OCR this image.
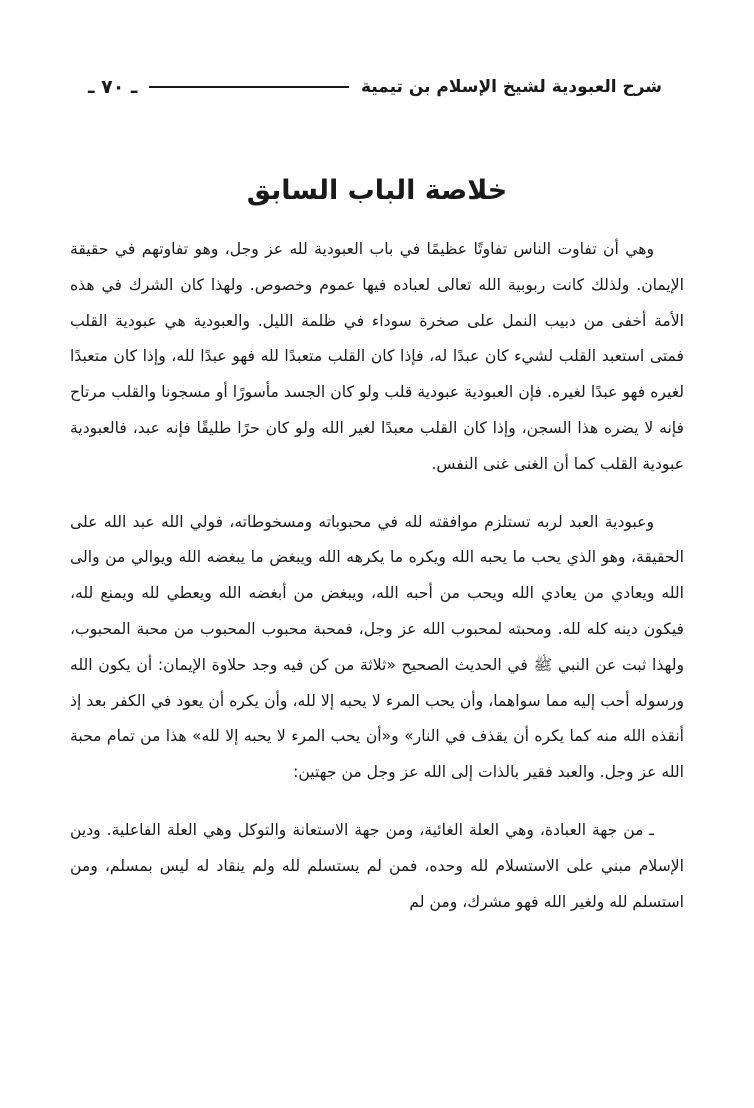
شرح العبودية لشيخ الإسلام بن تيمية
ـ ٧٠ ـ
خلاصة الباب السابق

وهي أن تفاوت الناس تفاوتًا عظيمًا في باب العبودية لله عز وجل، وهو تفاوتهم في حقيقة الإيمان. ولذلك كانت ربوبية الله تعالى لعباده فيها عموم وخصوص. ولهذا كان الشرك في هذه الأمة أخفى من دبيب النمل على صخرة سوداء في ظلمة الليل. والعبودية هي عبودية القلب فمتى استعبد القلب لشيء كان عبدًا له، فإذا كان القلب متعبدًا لله فهو عبدًا لله، وإذا كان متعبدًا لغيره فهو عبدًا لغيره. فإن العبودية عبودية قلب ولو كان الجسد مأسورًا أو مسجونا والقلب مرتاح فإنه لا يضره هذا السجن، وإذا كان القلب معبدًا لغير الله ولو كان حرًا طليقًا فإنه عبد، فالعبودية عبودية القلب كما أن الغنى غنى النفس.

وعبودية العبد لربه تستلزم موافقته لله في محبوباته ومسخوطاته، فولي الله عبد الله على الحقيقة، وهو الذي يحب ما يحبه الله ويكره ما يكرهه الله ويبغض ما يبغضه الله ويوالي من والى الله ويعادي من يعادي الله ويحب من أحبه الله، ويبغض من أبغضه الله ويعطي لله ويمنع لله، فيكون دينه كله لله. ومحبته لمحبوب الله عز وجل، فمحبة محبوب المحبوب من محبة المحبوب، ولهذا ثبت عن النبي ﷺ في الحديث الصحيح «ثلاثة من كن فيه وجد حلاوة الإيمان: أن يكون الله ورسوله أحب إليه مما سواهما، وأن يحب المرء لا يحبه إلا لله، وأن يكره أن يعود في الكفر بعد إذ أنقذه الله منه كما يكره أن يقذف في النار» و«أن يحب المرء لا يحبه إلا لله» هذا من تمام محبة الله عز وجل. والعبد فقير بالذات إلى الله عز وجل من جهتين:

ـ من جهة العبادة، وهي العلة الغائية، ومن جهة الاستعانة والتوكل وهي العلة الفاعلية. ودين الإسلام مبني على الاستسلام لله وحده، فمن لم يستسلم لله ولم ينقاد له ليس بمسلم، ومن استسلم لله ولغير الله فهو مشرك، ومن لم
